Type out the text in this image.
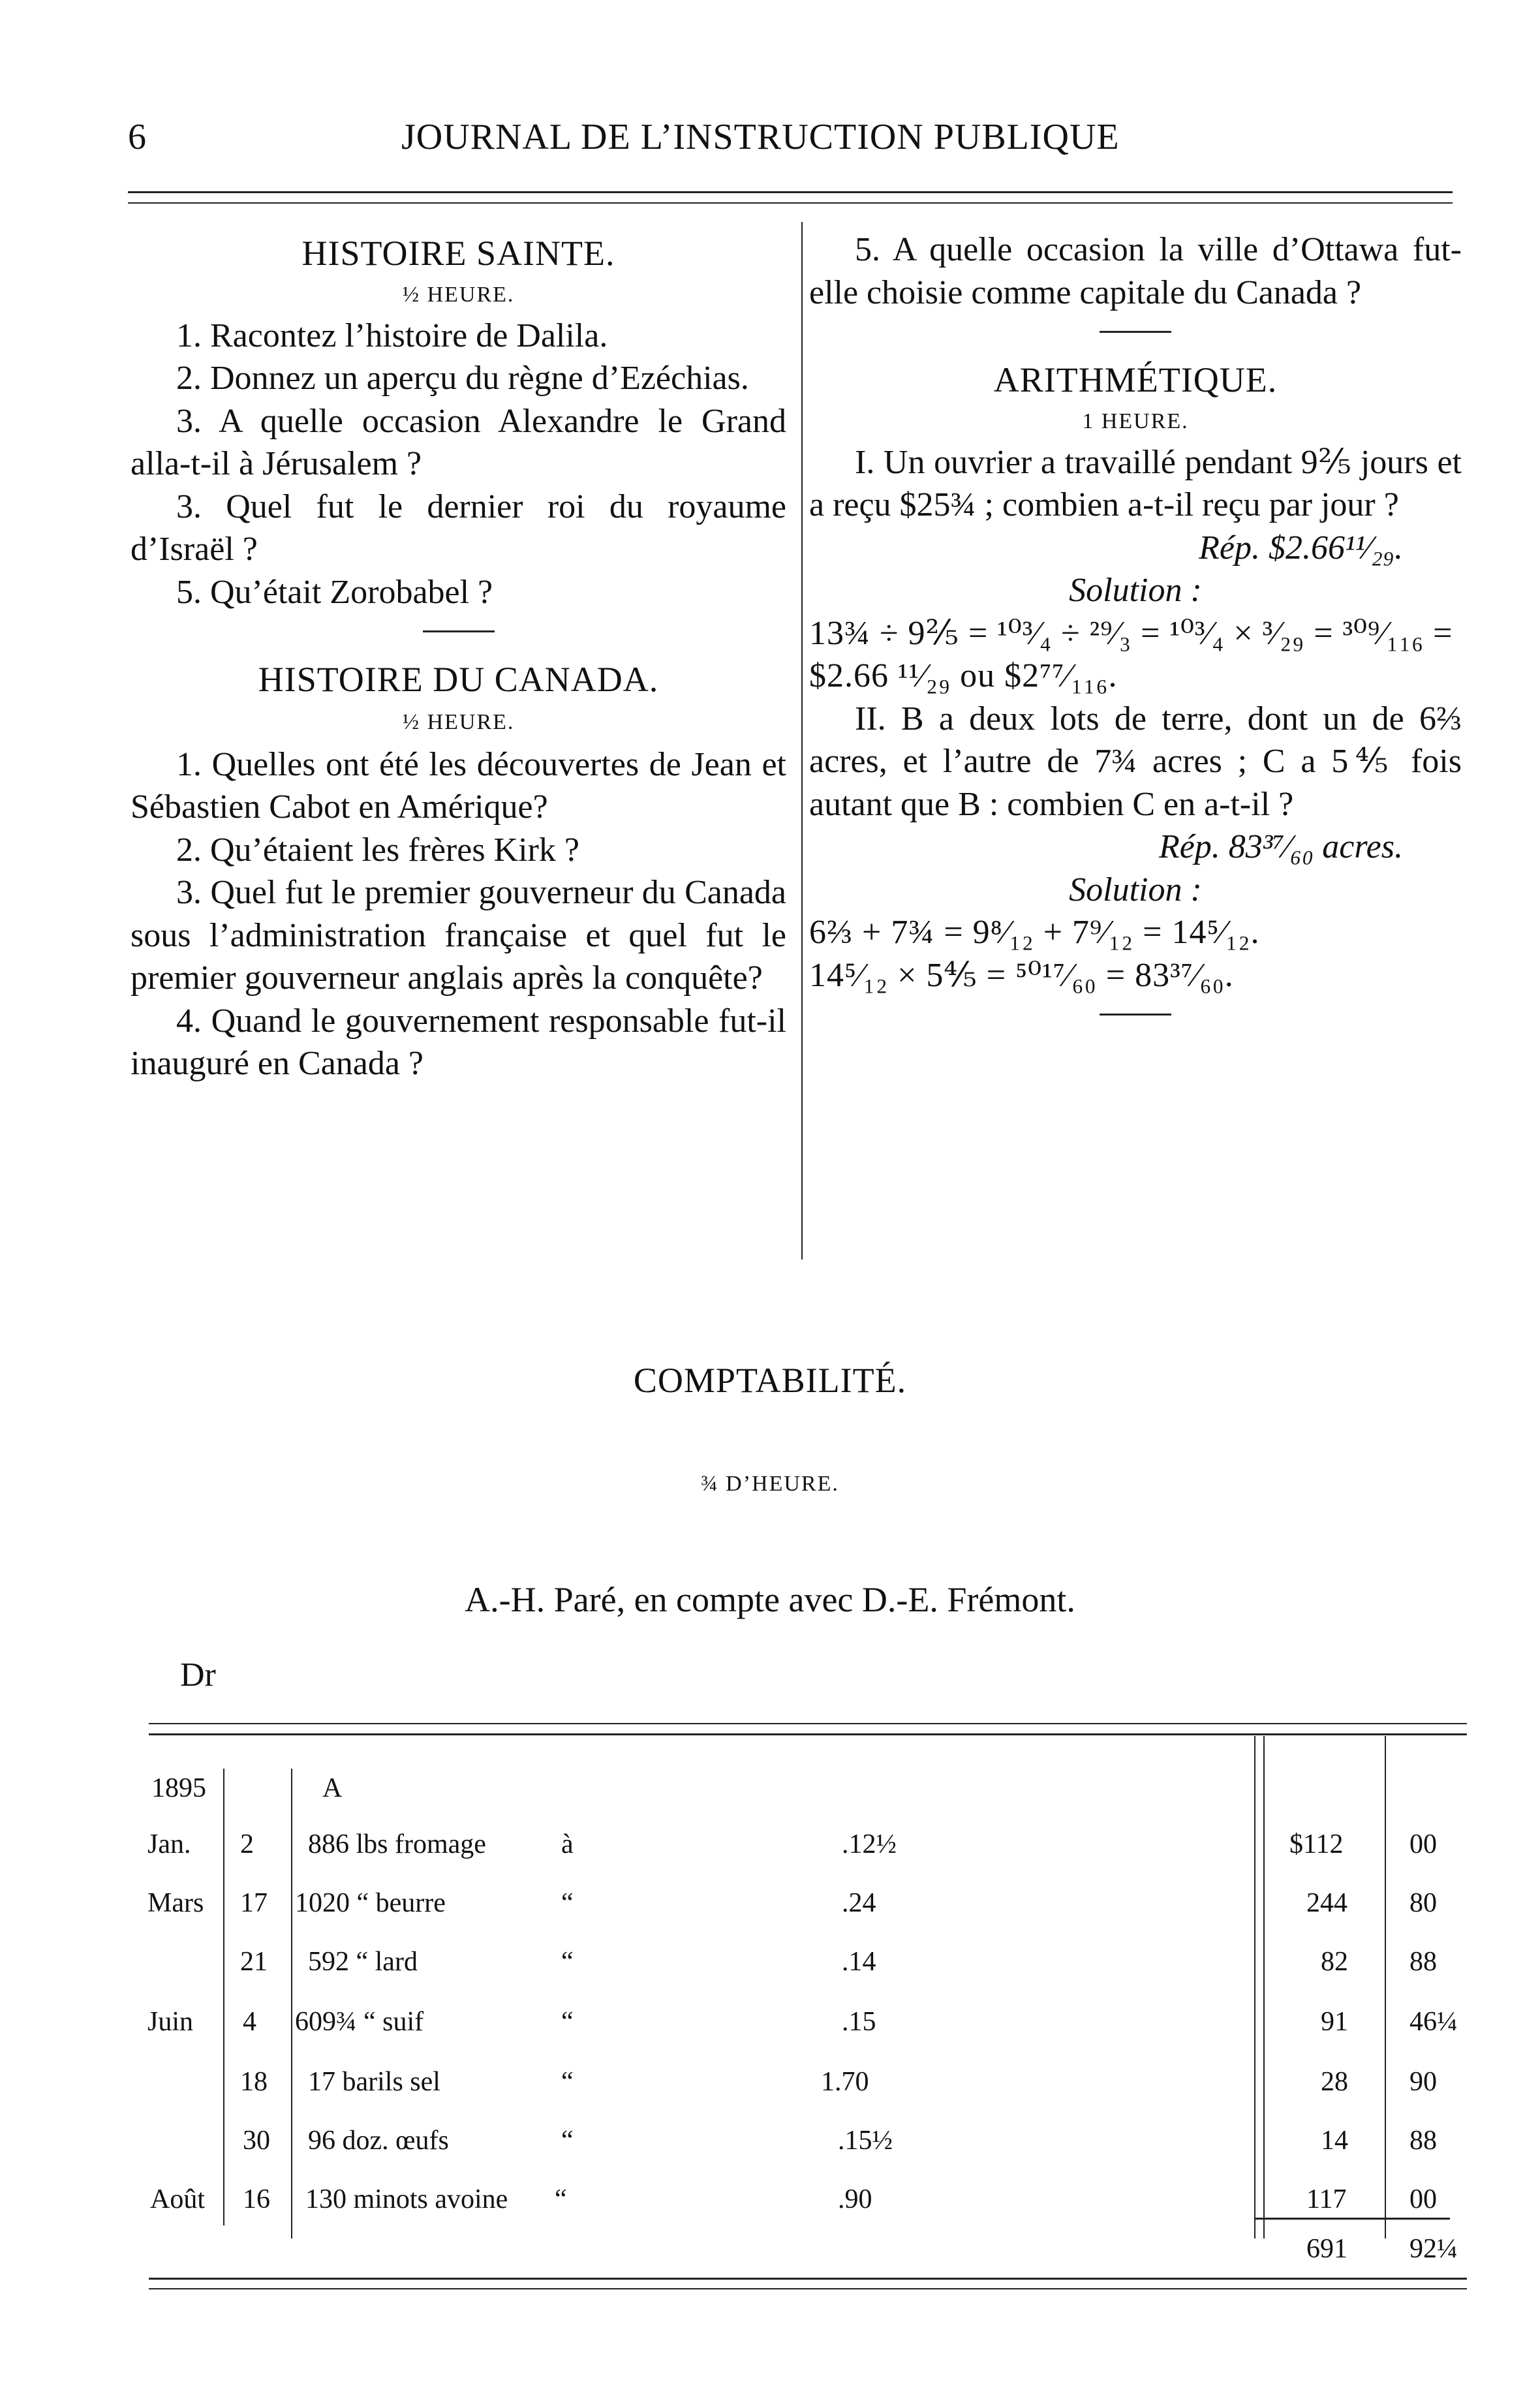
6	JOURNAL DE L’INSTRUCTION PUBLIQUE

HISTOIRE SAINTE.

½ HEURE.

1. Racontez l’histoire de Dalila.

2. Donnez un aperçu du règne d’Ezéchias.

3. A quelle occasion Alexandre le Grand alla-t-il à Jérusalem ?

3. Quel fut le dernier roi du royaume d’Israël ?

5. Qu’était Zorobabel ?

HISTOIRE DU CANADA.

½ HEURE.

1. Quelles ont été les découvertes de Jean et Sébastien Cabot en Amérique?

2. Qu’étaient les frères Kirk ?

3. Quel fut le premier gouverneur du Canada sous l’administration française et quel fut le premier gouverneur anglais après la conquête?

4. Quand le gouvernement responsable fut-il inauguré en Canada ?

5. A quelle occasion la ville d’Ottawa fut-elle choisie comme capitale du Canada ?

ARITHMÉTIQUE.

1 HEURE.

I. Un ouvrier a travaillé pendant 9⅖ jours et a reçu $25¾ ; combien a-t-il reçu par jour ?

Rép. $2.66¹¹⁄₂₉.

Solution :

13¾ ÷ 9⅖ = ¹⁰³⁄₄ ÷ ²⁹⁄₃ = ¹⁰³⁄₄ × ³⁄₂₉ = ³⁰⁹⁄₁₁₆ =

$2.66 ¹¹⁄₂₉ ou $2⁷⁷⁄₁₁₆.

II. B a deux lots de terre, dont un de 6⅔ acres, et l’autre de 7¾ acres ; C a 5⅘ fois autant que B : combien C en a-t-il ?

Rép. 83³⁷⁄₆₀ acres.

Solution :

6⅔ + 7¾ = 9⁸⁄₁₂ + 7⁹⁄₁₂ = 14⁵⁄₁₂.

14⁵⁄₁₂ × 5⅘ = ⁵⁰¹⁷⁄₆₀ = 83³⁷⁄₆₀.

COMPTABILITÉ.
¾ D’HEURE.
A.-H. Paré, en compte avec D.-E. Frémont.
Dr
1895	A
Jan. 2 886 lbs fromage	à	.12½	$112 00
Mars 17 1020 “ beurre	“	.24	244 80
21 592 “ lard	“	.14	82 88
Juin 4 609¾ “ suif	“	.15	91 46¼
18 17 barils sel	“	1.70	28 90
30 96 doz. œufs	“	.15½	14 88
Août 16 130 minots avoine “	.90	117 00
691 92¼
